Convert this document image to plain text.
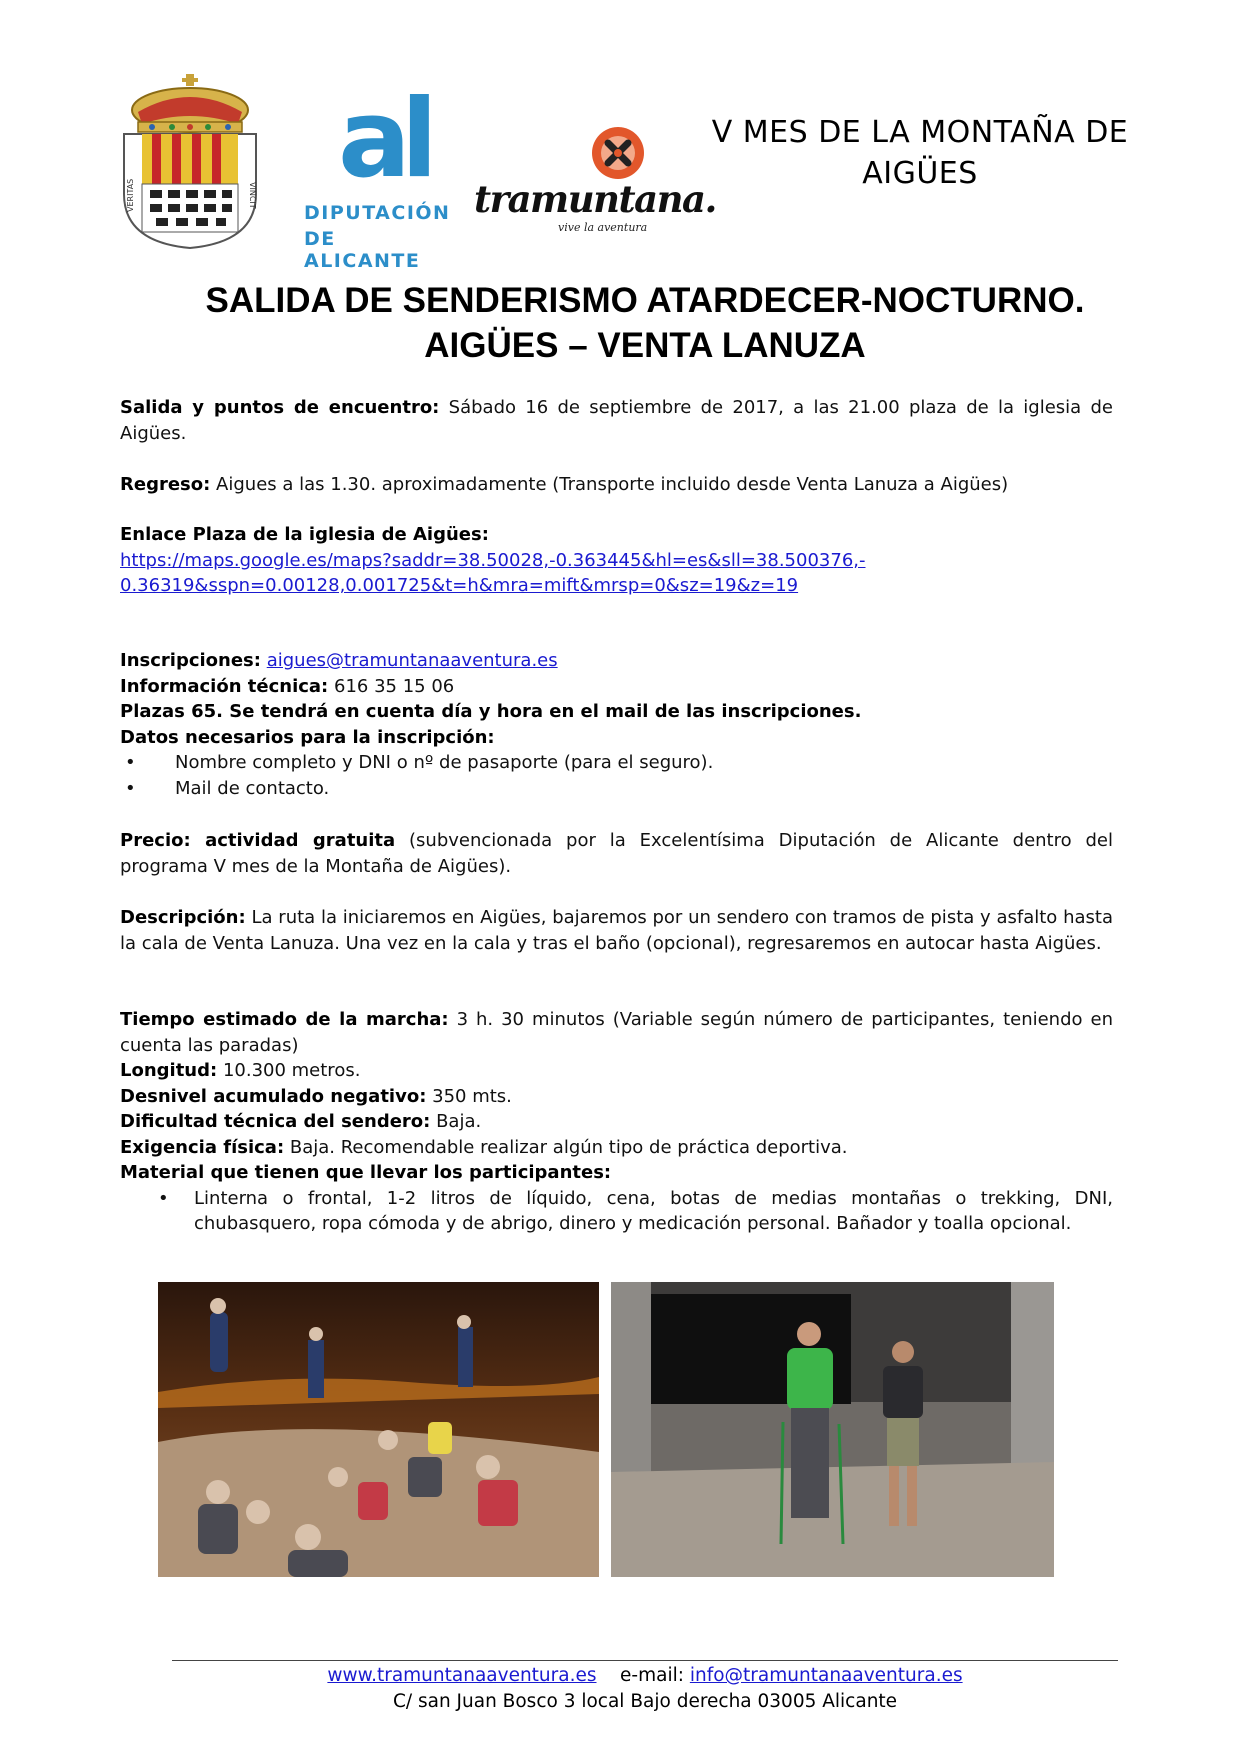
VERITAS	VINCIT al
DIPUTACIÓN
DE ALICANTE
tramuntana.
vive la aventura
V MES DE LA MONTAÑA DE
AIGÜES
SALIDA DE SENDERISMO ATARDECER-NOCTURNO.
AIGÜES – VENTA LANUZA
Salida y puntos de encuentro: Sábado 16 de septiembre de 2017, a las 21.00 plaza de la iglesia de Aigües.
Regreso: Aigues a las 1.30. aproximadamente (Transporte incluido desde Venta Lanuza a Aigües)
Enlace Plaza de la iglesia de Aigües:
https://maps.google.es/maps?saddr=38.50028,-0.363445&hl=es&sll=38.500376,-
0.36319&sspn=0.00128,0.001725&t=h&mra=mift&mrsp=0&sz=19&z=19
Inscripciones: aigues@tramuntanaaventura.es
Información técnica: 616 35 15 06
Plazas 65. Se tendrá en cuenta día y hora en el mail de las inscripciones.
Datos necesarios para la inscripción:
• Nombre completo y DNI o nº de pasaporte (para el seguro).
• Mail de contacto.
Precio: actividad gratuita (subvencionada por la Excelentísima Diputación de Alicante dentro del programa V mes de la Montaña de Aigües).
Descripción: La ruta la iniciaremos en Aigües, bajaremos por un sendero con tramos de pista y asfalto hasta la cala de Venta Lanuza. Una vez en la cala y tras el baño (opcional), regresaremos en autocar hasta Aigües.
Tiempo estimado de la marcha: 3 h. 30 minutos (Variable según número de participantes, teniendo en cuenta las paradas)
Longitud: 10.300 metros.
Desnivel acumulado negativo: 350 mts.
Dificultad técnica del sendero: Baja.
Exigencia física: Baja. Recomendable realizar algún tipo de práctica deportiva.
Material que tienen que llevar los participantes:
• Linterna o frontal, 1-2 litros de líquido, cena, botas de medias montañas o trekking, DNI, chubasquero, ropa cómoda y de abrigo, dinero y medicación personal. Bañador y toalla opcional.
www.tramuntanaaventura.es e-mail: info@tramuntanaaventura.es
C/ san Juan Bosco 3 local Bajo derecha 03005 Alicante
